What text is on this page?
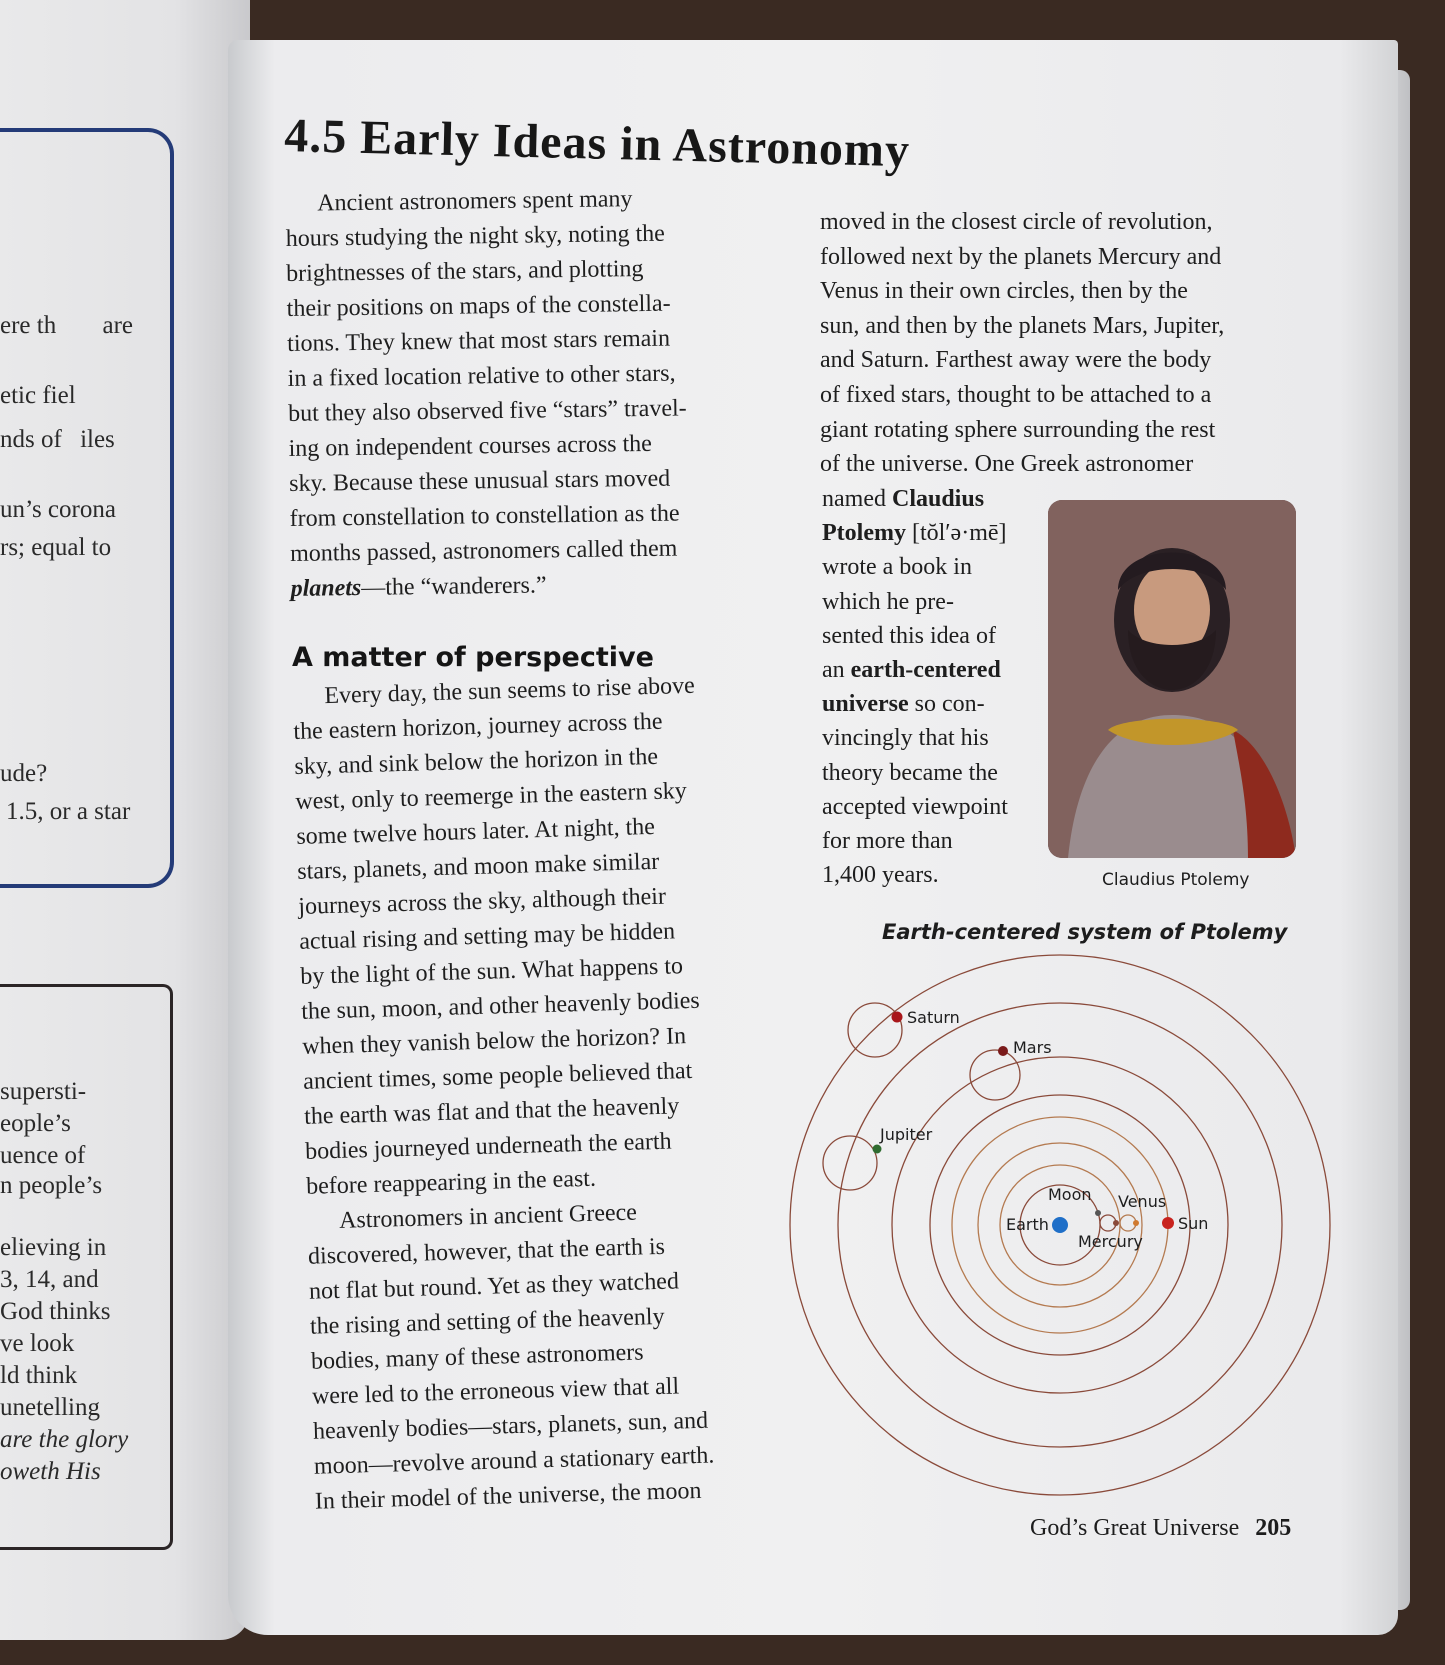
ere th are
etic fiel
nds of iles
un’s corona
rs; equal to
ude?
1.5, or a star
supersti-
eople’s
uence of
n people’s
elieving in
3, 14, and
God thinks
ve look
ld think
unetelling
are the glory
oweth His
4.5 Early Ideas in Astronomy
Ancient astronomers spent many
hours studying the night sky, noting the
brightnesses of the stars, and plotting
their positions on maps of the constella-
tions. They knew that most stars remain
in a fixed location relative to other stars,
but they also observed five “stars” travel-
ing on independent courses across the
sky. Because these unusual stars moved
from constellation to constellation as the
months passed, astronomers called them
planets—the “wanderers.”
A matter of perspective
Every day, the sun seems to rise above
the eastern horizon, journey across the
sky, and sink below the horizon in the
west, only to reemerge in the eastern sky
some twelve hours later. At night, the
stars, planets, and moon make similar
journeys across the sky, although their
actual rising and setting may be hidden
by the light of the sun. What happens to
the sun, moon, and other heavenly bodies
when they vanish below the horizon? In
ancient times, some people believed that
the earth was flat and that the heavenly
bodies journeyed underneath the earth
before reappearing in the east.
Astronomers in ancient Greece
discovered, however, that the earth is
not flat but round. Yet as they watched
the rising and setting of the heavenly
bodies, many of these astronomers
were led to the erroneous view that all
heavenly bodies—stars, planets, sun, and
moon—revolve around a stationary earth.
In their model of the universe, the moon
moved in the closest circle of revolution,
followed next by the planets Mercury and
Venus in their own circles, then by the
sun, and then by the planets Mars, Jupiter,
and Saturn. Farthest away were the body
of fixed stars, thought to be attached to a
giant rotating sphere surrounding the rest
of the universe. One Greek astronomer
named Claudius
Ptolemy [tŏl′ə·mē]
wrote a book in
which he pre-
sented this idea of
an earth-centered
universe so con-
vincingly that his
theory became the
accepted viewpoint
for more than
1,400 years.	Claudius Ptolemy
Earth-centered system of Ptolemy
Saturn
Mars
Jupiter
Moon
Earth
Mercury
Venus
Sun
God’s Great Universe 205
